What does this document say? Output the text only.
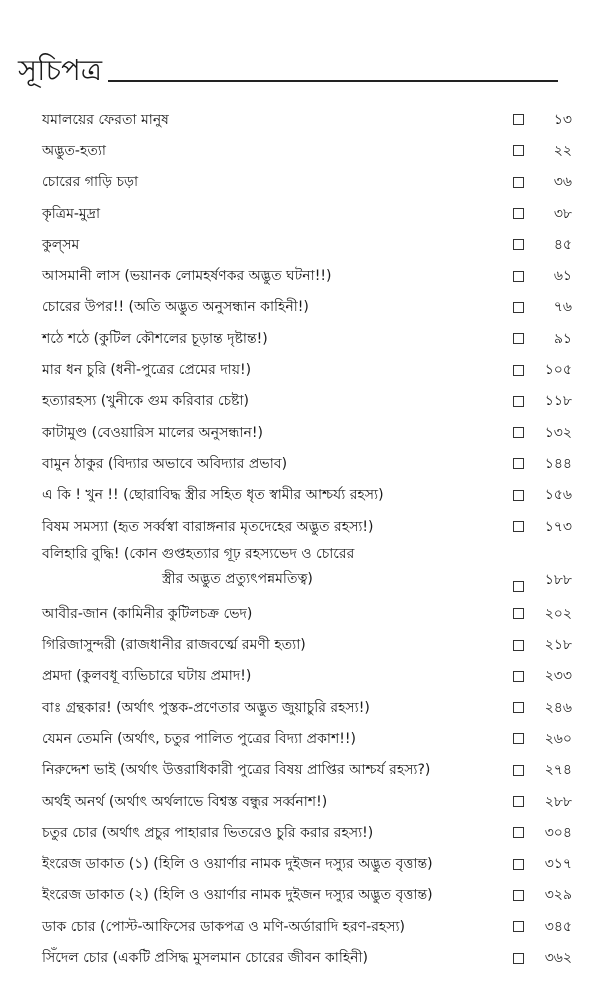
সূচিপত্র
যমালয়ের ফেরতা মানুষ	১৩
অদ্ভুত-হত্যা	২২
চোরের গাড়ি চড়া	৩৬
কৃত্রিম-মুদ্রা	৩৮
কুল্‌সম	৪৫
আসমানী লাস (ভয়ানক লোমহর্ষণকর অদ্ভুত ঘটনা!!)	৬১
চোরের উপর!! (অতি অদ্ভুত অনুসন্ধান কাহিনী!)	৭৬
শঠে শঠে (কুটিল কৌশলের চূড়ান্ত দৃষ্টান্ত!)	৯১
মার ধন চুরি (ধনী-পুত্রের প্রেমের দায়!)	১০৫
হত্যারহস্য (খুনীকে গুম করিবার চেষ্টা)	১১৮
কাটামুণ্ড (বেওয়ারিস মালের অনুসন্ধান!)	১৩২
বামুন ঠাকুর (বিদ্যার অভাবে অবিদ্যার প্রভাব)	১৪৪
এ কি ! খুন !! (ছোরাবিদ্ধ স্ত্রীর সহিত ধৃত স্বামীর আশ্চর্য্য রহস্য)	১৫৬
বিষম সমস্যা (হৃত সর্ব্বস্বা বারাঙ্গনার মৃতদেহের অদ্ভুত রহস্য!)	১৭৩
বলিহারি বুদ্ধি! (কোন গুপ্তহত্যার গূঢ় রহস্যভেদ ও চোরের
স্ত্রীর অদ্ভুত প্রত্যুৎপন্নমতিত্ব)	১৮৮
আবীর-জান (কামিনীর কুটিলচক্র ভেদ)	২০২
গিরিজাসুন্দরী (রাজধানীর রাজবর্ত্মে রমণী হত্যা)	২১৮
প্রমদা (কুলবধূ ব্যভিচারে ঘটায় প্রমাদ!)	২৩৩
বাঃ গ্রন্থকার! (অর্থাৎ পুস্তক-প্রণেতার অদ্ভুত জুয়াচুরি রহস্য!)	২৪৬
যেমন তেমনি (অর্থাৎ, চতুর পালিত পুত্রের বিদ্যা প্রকাশ!!)	২৬০
নিরুদ্দেশ ভাই (অর্থাৎ উত্তরাধিকারী পুত্রের বিষয় প্রাপ্তির আশ্চর্য রহস্য?)	২৭৪
অর্থই অনর্থ (অর্থাৎ অর্থলাভে বিশ্বস্ত বন্ধুর সর্ব্বনাশ!)	২৮৮
চতুর চোর (অর্থাৎ প্রচুর পাহারার ভিতরেও চুরি করার রহস্য!)	৩০৪
ইংরেজ ডাকাত (১) (হিলি ও ওয়ার্ণার নামক দুইজন দস্যুর অদ্ভুত বৃত্তান্ত)	৩১৭
ইংরেজ ডাকাত (২) (হিলি ও ওয়ার্ণার নামক দুইজন দস্যুর অদ্ভুত বৃত্তান্ত)	৩২৯
ডাক চোর (পোস্ট-আফিসের ডাকপত্র ও মণি-অর্ডারাদি হরণ-রহস্য)	৩৪৫
সিঁদেল চোর (একটি প্রসিদ্ধ মুসলমান চোরের জীবন কাহিনী)	৩৬২
